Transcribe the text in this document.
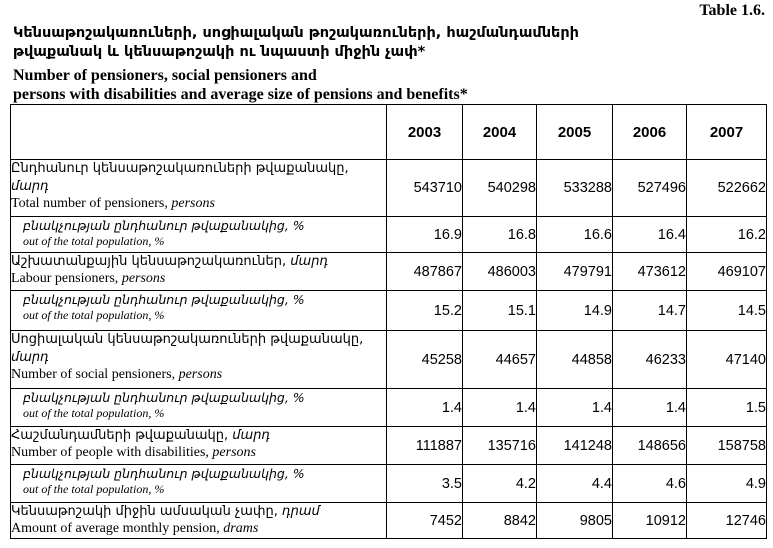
Table 1.6.
Կենսաթոշակառուների, սոցիալական թոշակառուների, հաշմանդամների թվաքանակ և կենսաթոշակի ու նպաստի միջին չափ*
Number of pensioners, social pensioners and
persons with disabilities and average size of pensions and benefits*
	2003	2004	2005	2006	2007

Ընդհանուր կենսաթոշակառուների թվաքանակը, մարդ
Total number of pensioners, persons	543710	540298	533288	527496	522662

բնակչության ընդհանուր թվաքանակից, %
out of the total population, %	16.9	16.8	16.6	16.4	16.2

Աշխատանքային կենսաթոշակառուներ, մարդ
Labour pensioners, persons	487867	486003	479791	473612	469107

բնակչության ընդհանուր թվաքանակից, %
out of the total population, %	15.2	15.1	14.9	14.7	14.5

Սոցիալական կենսաթոշակառուների թվաքանակը, մարդ
Number of social pensioners, persons	45258	44657	44858	46233	47140

բնակչության ընդհանուր թվաքանակից, %
out of the total population, %	1.4	1.4	1.4	1.4	1.5

Հաշմանդամների թվաքանակը, մարդ
Number of people with disabilities, persons	111887	135716	141248	148656	158758

բնակչության ընդհանուր թվաքանակից, %
out of the total population, %	3.5	4.2	4.4	4.6	4.9

Կենսաթոշակի միջին ամսական չափը, դրամ
Amount of average monthly pension, drams	7452	8842	9805	10912	12746
